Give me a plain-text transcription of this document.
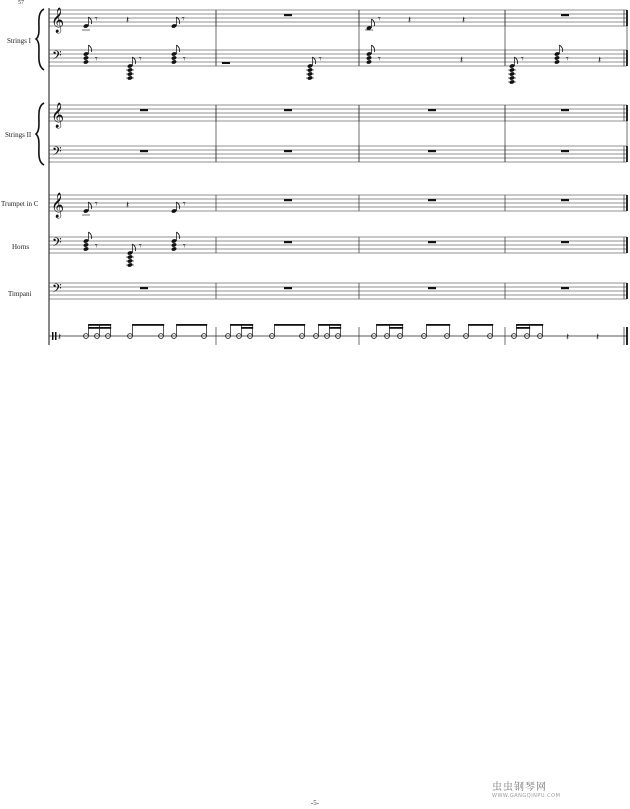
𝄞
𝄢
𝄞
𝄢
𝄞
𝄢
𝄢
𝄾	𝄽	𝄾	𝄾	𝄽	𝄽
𝄾	𝄾	𝄾	𝄾	𝄾	𝄽	𝄾	𝄾	𝄽
𝄾	𝄽	𝄾
𝄾	𝄾	𝄾
𝄽	𝄽	𝄽
57
Strings I
Strings II
Trumpet in C
Horns
Timpani
-5-
虫虫钢琴网
WWW.GANGQINPU.COM
